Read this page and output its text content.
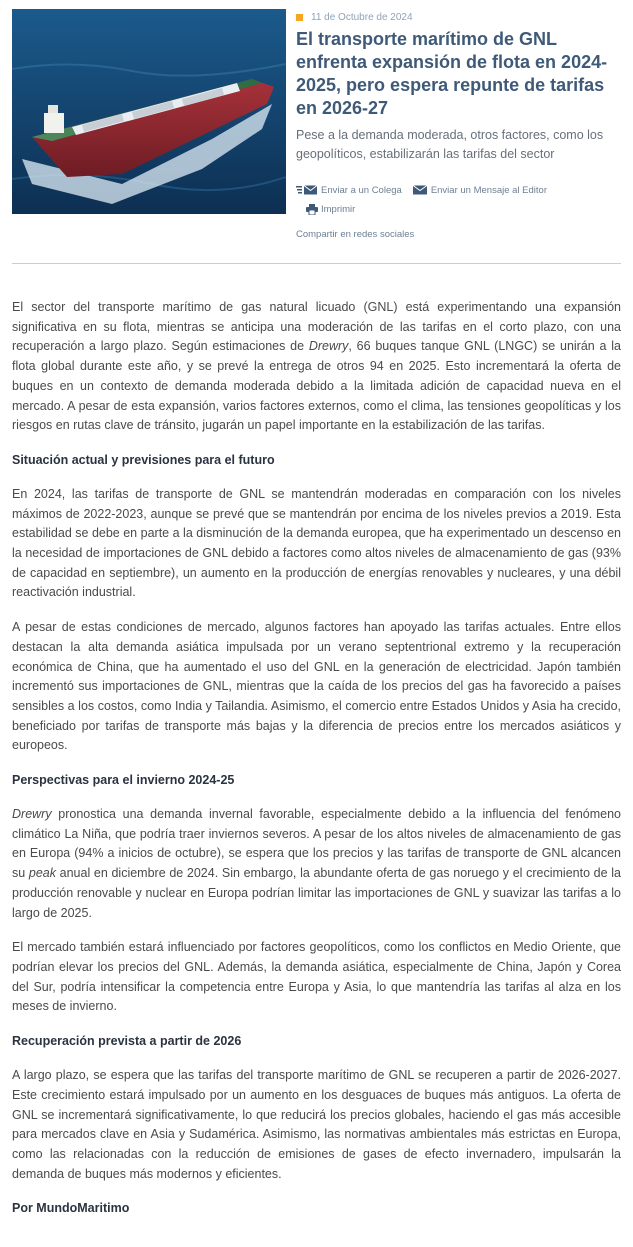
11 de Octubre de 2024
El transporte marítimo de GNL enfrenta expansión de flota en 2024-2025, pero espera repunte de tarifas en 2026-27
Pese a la demanda moderada, otros factores, como los geopolíticos, estabilizarán las tarifas del sector
Enviar a un Colega	Enviar un Mensaje al Editor
Imprimir
Compartir en redes sociales

El sector del transporte marítimo de gas natural licuado (GNL) está experimentando una expansión significativa en su flota, mientras se anticipa una moderación de las tarifas en el corto plazo, con una recuperación a largo plazo. Según estimaciones de Drewry, 66 buques tanque GNL (LNGC) se unirán a la flota global durante este año, y se prevé la entrega de otros 94 en 2025. Esto incrementará la oferta de buques en un contexto de demanda moderada debido a la limitada adición de capacidad nueva en el mercado. A pesar de esta expansión, varios factores externos, como el clima, las tensiones geopolíticas y los riesgos en rutas clave de tránsito, jugarán un papel importante en la estabilización de las tarifas.

Situación actual y previsiones para el futuro

En 2024, las tarifas de transporte de GNL se mantendrán moderadas en comparación con los niveles máximos de 2022-2023, aunque se prevé que se mantendrán por encima de los niveles previos a 2019. Esta estabilidad se debe en parte a la disminución de la demanda europea, que ha experimentado un descenso en la necesidad de importaciones de GNL debido a factores como altos niveles de almacenamiento de gas (93% de capacidad en septiembre), un aumento en la producción de energías renovables y nucleares, y una débil reactivación industrial.

A pesar de estas condiciones de mercado, algunos factores han apoyado las tarifas actuales. Entre ellos destacan la alta demanda asiática impulsada por un verano septentrional extremo y la recuperación económica de China, que ha aumentado el uso del GNL en la generación de electricidad. Japón también incrementó sus importaciones de GNL, mientras que la caída de los precios del gas ha favorecido a países sensibles a los costos, como India y Tailandia. Asimismo, el comercio entre Estados Unidos y Asia ha crecido, beneficiado por tarifas de transporte más bajas y la diferencia de precios entre los mercados asiáticos y europeos.

Perspectivas para el invierno 2024-25

Drewry pronostica una demanda invernal favorable, especialmente debido a la influencia del fenómeno climático La Niña, que podría traer inviernos severos. A pesar de los altos niveles de almacenamiento de gas en Europa (94% a inicios de octubre), se espera que los precios y las tarifas de transporte de GNL alcancen su peak anual en diciembre de 2024. Sin embargo, la abundante oferta de gas noruego y el crecimiento de la producción renovable y nuclear en Europa podrían limitar las importaciones de GNL y suavizar las tarifas a lo largo de 2025.

El mercado también estará influenciado por factores geopolíticos, como los conflictos en Medio Oriente, que podrían elevar los precios del GNL. Además, la demanda asiática, especialmente de China, Japón y Corea del Sur, podría intensificar la competencia entre Europa y Asia, lo que mantendría las tarifas al alza en los meses de invierno.

Recuperación prevista a partir de 2026

A largo plazo, se espera que las tarifas del transporte marítimo de GNL se recuperen a partir de 2026-2027. Este crecimiento estará impulsado por un aumento en los desguaces de buques más antiguos. La oferta de GNL se incrementará significativamente, lo que reducirá los precios globales, haciendo el gas más accesible para mercados clave en Asia y Sudamérica. Asimismo, las normativas ambientales más estrictas en Europa, como las relacionadas con la reducción de emisiones de gases de efecto invernadero, impulsarán la demanda de buques más modernos y eficientes.

Por MundoMaritimo
